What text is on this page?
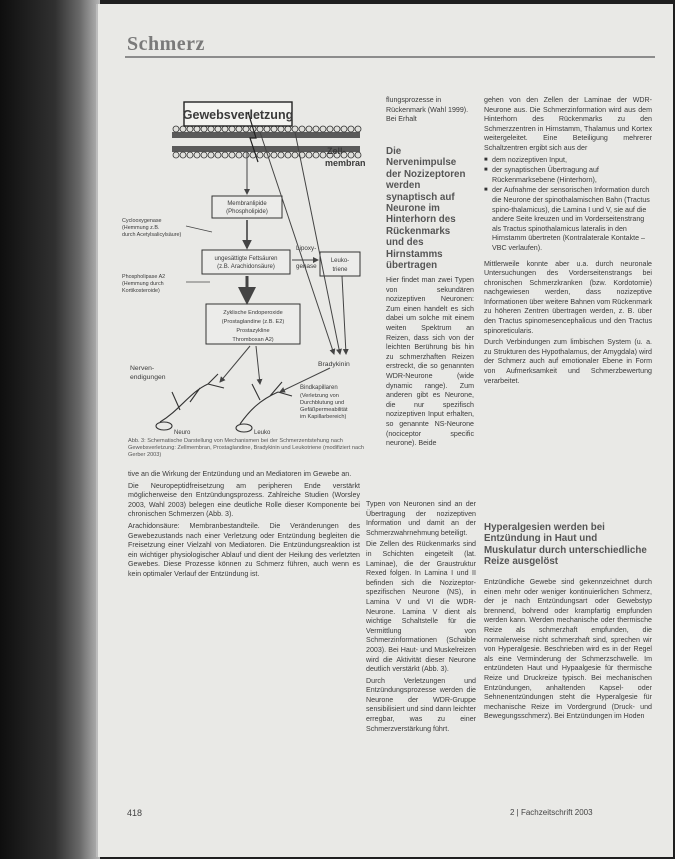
Schmerz
Gewebsverletzung
Zell-
membran
Membranlipide
(Phospholipide)
ungesättigte Fettsäuren
(z.B. Arachidonsäure)
Zyklische Endoperoxide
(Prostaglandine (z.B. E2)
Prostazykline
Thromboxan A2)
Lipoxy-
genase
Leuko-
triene
Cyclooxygenase
(Hemmung z.B.
durch Acetylsalicylsäure)
Phospholipase A2
(Hemmung durch
Kortikosteroide)
Nerven-
endigungen
Bradykinin
Bindkapillaren
(Verletzung von
Durchblutung und
Gefäßpermeabilität
im Kapillarbereich)
Neuro	Leuko
Abb. 3: Schematische Darstellung von Mechanismen bei der Schmerzentstehung nach Gewebsverletzung: Zellmembran, Prostaglandine, Bradykinin und Leukotriene (modifiziert nach Gerber 2003)
flungsprozesse in Rückenmark (Wahl 1999). Bei Erhalt
Die Nervenimpulse der Nozizeptoren werden synaptisch auf Neurone im Hinterhorn des Rückenmarks und des Hirnstamms übertragen

Hier findet man zwei Typen von sekundären nozizeptiven Neuronen: Zum einen handelt es sich dabei um solche mit einem weiten Spektrum an Reizen, dass sich von der leichten Berührung bis hin zu schmerzhaften Reizen erstreckt, die so genannten WDR-Neurone (wide dynamic range). Zum anderen gibt es Neurone, die nur spezifisch nozizeptiven Input erhalten, so genannte NS-Neurone (nociceptor specific neurone). Beide

tive an die Wirkung der Entzündung und an Mediatoren im Gewebe an.

Die Neuropeptidfreisetzung am peripheren Ende verstärkt möglicherweise den Entzündungsprozess. Zahlreiche Studien (Worsley 2003, Wahl 2003) belegen eine deutliche Rolle dieser Komponente bei chronischen Schmerzen (Abb. 3).

Arachidonsäure: Membranbestandteile. Die Veränderungen des Gewebezustands nach einer Verletzung oder Entzündung begleiten die Freisetzung einer Vielzahl von Mediatoren. Die Entzündungsreaktion ist ein wichtiger physiologischer Ablauf und dient der Heilung des verletzten Gewebes. Diese Prozesse können zu Schmerz führen, auch wenn es kein optimaler Verlauf der Entzündung ist.

Typen von Neuronen sind an der Übertragung der nozizeptiven Information und damit an der Schmerzwahrnehmung beteiligt.

Die Zellen des Rückenmarks sind in Schichten eingeteilt (lat. Laminae), die der Graustruktur Rexed folgen. In Lamina I und II befinden sich die Nozizeptor-spezifischen Neurone (NS), in Lamina V und VI die WDR-Neurone. Lamina V dient als wichtige Schaltstelle für die Vermittlung von Schmerzinformationen (Schaible 2003). Bei Haut- und Muskelreizen wird die Aktivität dieser Neurone deutlich verstärkt (Abb. 3).

Durch Verletzungen und Entzündungsprozesse werden die Neurone der WDR-Gruppe sensibilisiert und sind dann leichter erregbar, was zu einer Schmerzverstärkung führt.

gehen von den Zellen der Laminae der WDR-Neurone aus. Die Schmerzinformation wird aus dem Hinterhorn des Rückenmarks zu den Schmerzzentren in Hirnstamm, Thalamus und Kortex weitergeleitet. Eine Beteiligung mehrerer Schaltzentren ergibt sich aus der

■ dem nozizeptiven Input,
■ der synaptischen Übertragung auf Rückenmarksebene (Hinterhorn),
■ der Aufnahme der sensorischen Information durch die Neurone der spinothalamischen Bahn (Tractus spino-thalamicus), die Lamina I und V, sie auf die andere Seite kreuzen und im Vorderseitenstrang als Tractus spinothalamicus lateralis in den Hirnstamm übertreten (Kontralaterale Kontakte – VBC verlaufen).

Mittlerweile konnte aber u.a. durch neuronale Untersuchungen des Vorderseitenstrangs bei chronischen Schmerzkranken (bzw. Kordotomie) nachgewiesen werden, dass nozizeptive Informationen über weitere Bahnen vom Rückenmark zu höheren Zentren übertragen werden, z. B. über den Tractus spinomesencephalicus und den Tractus spinoreticularis.

Durch Verbindungen zum limbischen System (u. a. zu Strukturen des Hypothalamus, der Amygdala) wird der Schmerz auch auf emotionaler Ebene in Form von Aufmerksamkeit und Schmerzbewertung verarbeitet.

Hyperalgesien werden bei Entzündung in Haut und Muskulatur durch unterschiedliche Reize ausgelöst

Entzündliche Gewebe sind gekennzeichnet durch einen mehr oder weniger kontinuierlichen Schmerz, der je nach Entzündungsart oder Gewebstyp brennend, bohrend oder krampfartig empfunden werden kann. Werden mechanische oder thermische Reize als schmerzhaft empfunden, die normalerweise nicht schmerzhaft sind, sprechen wir von Hyperalgesie. Beschrieben wird es in der Regel als eine Verminderung der Schmerzschwelle. Im entzündeten Haut und Hypaalgesie für thermische Reize und Druckreize typisch. Bei mechanischen Entzündungen, anhaltenden Kapsel- oder Sehnenentzündungen steht die Hyperalgesie für mechanische Reize im Vordergrund (Druck- und Bewegungsschmerz). Bei Entzündungen im Hoden

418	2 | Fachzeitschrift 2003
